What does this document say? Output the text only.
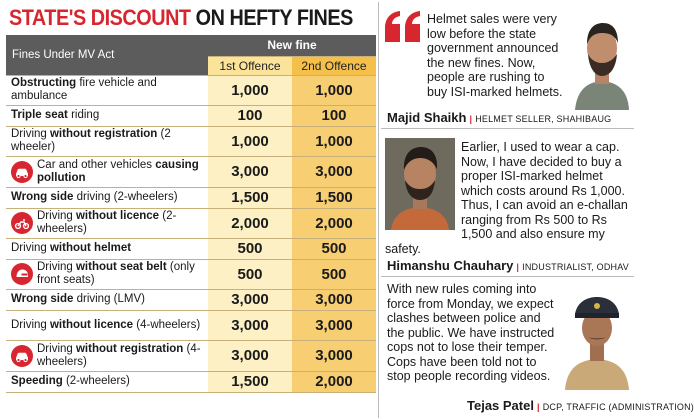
STATE'S DISCOUNT ON HEFTY FINES
Fines Under MV Act	New fine	
	1st Offence	2nd Offence
Obstructing fire vehicle and ambulance	1,000	1,000
Triple seat riding	100	100
Driving without registration (2 wheeler)	1,000	1,000

Car and other vehicles causing pollution	3,000	3,000
Wrong side driving (2-wheelers)	1,500	1,500

Driving without licence (2-wheelers)	2,000	2,000
Driving without helmet	500	500

Driving without seat belt (only front seats)	500	500
Wrong side driving (LMV)	3,000	3,000
Driving without licence (4-wheelers)	3,000	3,000

Driving without registration (4-wheelers)	3,000	3,000
Speeding (2-wheelers)	1,500	2,000
Helmet sales were very low before the state government announced the new fines. Now, people are rushing to buy ISI-marked helmets.
Majid Shaikh | HELMET SELLER, SHAHIBAUG
Earlier, I used to wear a cap. Now, I have decided to buy a proper ISI-marked helmet which costs around Rs 1,000. Thus, I can avoid an e-challan ranging from Rs 500 to Rs 1,500 and also ensure my safety.
Himanshu Chauhary | INDUSTRIALIST, ODHAV
With new rules coming into force from Monday, we expect clashes between police and the public. We have instructed cops not to lose their temper. Cops have been told not to stop people recording videos.
Tejas Patel | DCP, TRAFFIC (ADMINISTRATION)
